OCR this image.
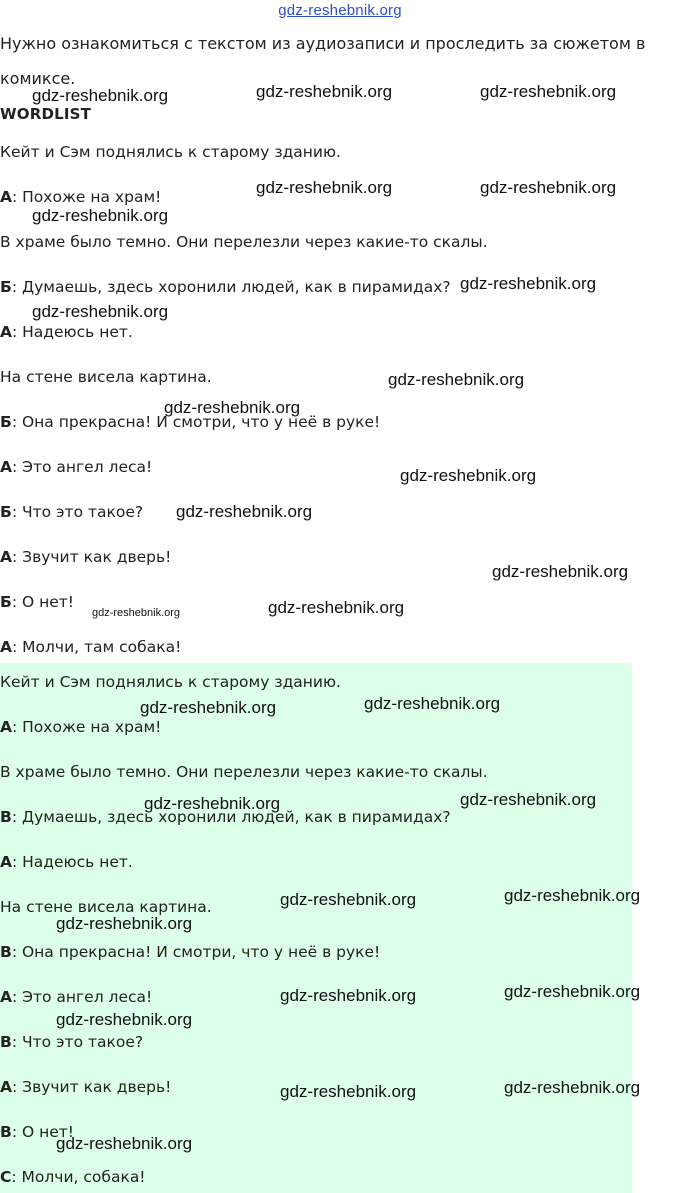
gdz-reshebnik.org
Нужно ознакомиться с текстом из аудиозаписи и проследить за сюжетом в
комиксе.
WORDLIST
Кейт и Сэм поднялись к старому зданию.
А: Похоже на храм!
В храме было темно. Они перелезли через какие-то скалы.
Б: Думаешь, здесь хоронили людей, как в пирамидах?
А: Надеюсь нет.
На стене висела картина.
Б: Она прекрасна! И смотри, что у неё в руке!
А: Это ангел леса!
Б: Что это такое?
А: Звучит как дверь!
Б: О нет!
А: Молчи, там собака!
Кейт и Сэм поднялись к старому зданию.
А: Похоже на храм!
В храме было темно. Они перелезли через какие-то скалы.
В: Думаешь, здесь хоронили людей, как в пирамидах?
А: Надеюсь нет.
На стене висела картина.
В: Она прекрасна! И смотри, что у неё в руке!
А: Это ангел леса!
В: Что это такое?
А: Звучит как дверь!
В: О нет!
С: Молчи, собака!
gdz-reshebnik.org	gdz-reshebnik.org	gdz-reshebnik.org
gdz-reshebnik.org	gdz-reshebnik.org
gdz-reshebnik.org
gdz-reshebnik.org
gdz-reshebnik.org
gdz-reshebnik.org
gdz-reshebnik.org
gdz-reshebnik.org
gdz-reshebnik.org
gdz-reshebnik.org
gdz-reshebnik.org
gdz-reshebnik.org
gdz-reshebnik.org
gdz-reshebnik.org
gdz-reshebnik.org
gdz-reshebnik.org
gdz-reshebnik.org
gdz-reshebnik.org
gdz-reshebnik.org
gdz-reshebnik.org
gdz-reshebnik.org
gdz-reshebnik.org
gdz-reshebnik.org
gdz-reshebnik.org
gdz-reshebnik.org
